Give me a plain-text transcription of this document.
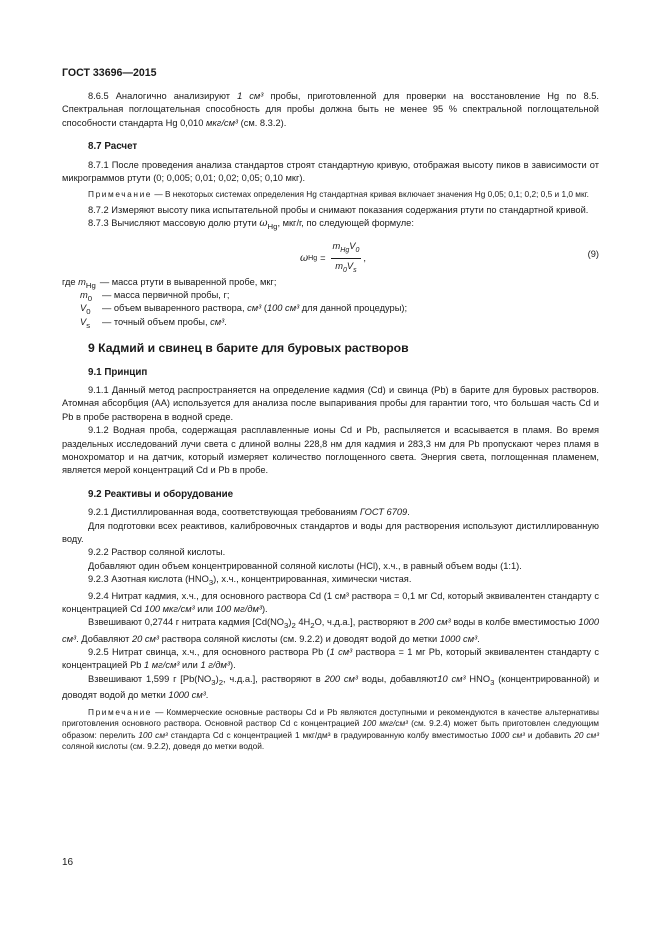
ГОСТ 33696—2015

8.6.5 Аналогично анализируют 1 см³ пробы, приготовленной для проверки на восстановление Hg по 8.5. Спектральная поглощательная способность для пробы должна быть не менее 95 % спектральной поглощательной способности стандарта Hg 0,010 мкг/см³ (см. 8.3.2).

8.7 Расчет

8.7.1 После проведения анализа стандартов строят стандартную кривую, отображая высоту пиков в зависимости от микрограммов ртути (0; 0,005; 0,01; 0,02; 0,05; 0,10 мкг).

Примечание — В некоторых системах определения Hg стандартная кривая включает значения Hg 0,05; 0,1; 0,2; 0,5 и 1,0 мкг.

8.7.2 Измеряют высоту пика испытательной пробы и снимают показания содержания ртути по стандартной кривой.

8.7.3 Вычисляют массовую долю ртути $\omega_{Hg}$, мкг/г, по следующей формуле:

ω $Hg = \frac{m_{Hg}V_0}{m_0V_s}$ ,	(9)
где $m_{Hg}$ — масса ртути в вываренной пробе, мкг;
$m_0$	— масса первичной пробы, г;
$V_0$	— объем вываренного раствора, см³ (100 см³ для данной процедуры);
$V_s$	— точный объем пробы, см³.
9 Кадмий и свинец в барите для буровых растворов
9.1 Принцип

9.1.1 Данный метод распространяется на определение кадмия (Cd) и свинца (Pb) в барите для буровых растворов. Атомная абсорбция (АА) используется для анализа после выпаривания пробы для гарантии того, что большая часть Cd и Pb в пробе растворена в водной среде.

9.1.2 Водная проба, содержащая расплавленные ионы Cd и Pb, распыляется и всасывается в пламя. Во время раздельных исследований лучи света с длиной волны 228,8 нм для кадмия и 283,3 нм для Pb пропускают через пламя в монохроматор и на датчик, который измеряет количество поглощенного света. Энергия света, поглощенная пламенем, является мерой концентраций Cd и Pb в пробе.

9.2 Реактивы и оборудование

9.2.1 Дистиллированная вода, соответствующая требованиям ГОСТ 6709.

Для подготовки всех реактивов, калибровочных стандартов и воды для растворения используют дистиллированную воду.

9.2.2 Раствор соляной кислоты.

Добавляют один объем концентрированной соляной кислоты (HCl), х.ч., в равный объем воды (1:1).

9.2.3 Азотная кислота $(HNO_3)$, х.ч., концентрированная, химически чистая.

9.2.4 Нитрат кадмия, х.ч., для основного раствора Cd (1 см³ раствора = 0,1 мг Cd, который эквивалентен стандарту с концентрацией Cd 100 мкг/см³ или 100 мг/дм³).

Взвешивают 0,2744 г нитрата кадмия [$Cd(NO_3)_2$ $4H_2O$, ч.д.а.], растворяют в 200 см³ воды в колбе вместимостью 1000 см³. Добавляют 20 см³ раствора соляной кислоты (см. 9.2.2) и доводят водой до метки 1000 см³.

9.2.5 Нитрат свинца, х.ч., для основного раствора Pb (1 см³ раствора = 1 мг Pb, который эквивалентен стандарту с концентрацией Pb 1 мг/см³ или 1 г/дм³).

Взвешивают 1,599 г [$Pb(NO_3)_2$, ч.д.а.], растворяют в 200 см³ воды, добавляют10 см³ $HNO_3$ (концентрированной) и доводят водой до метки 1000 см³.

Примечание — Коммерческие основные растворы Cd и Pb являются доступными и рекомендуются в качестве альтернативы приготовления основного раствора. Основной раствор Cd с концентрацией 100 мкг/см³ (см. 9.2.4) может быть приготовлен следующим образом: перелить 100 см³ стандарта Cd с концентрацией 1 мкг/дм³ в градуированную колбу вместимостью 1000 см³ и добавить 20 см³ соляной кислоты (см. 9.2.2), доведя до метки водой.
16
